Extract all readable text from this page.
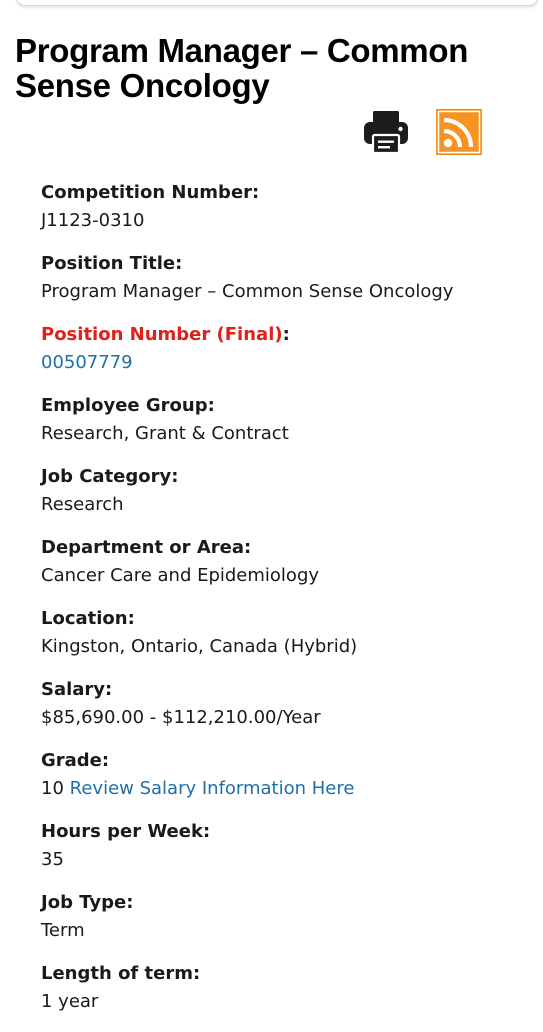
Program Manager – Common Sense Oncology
Competition Number:
J1123-0310
Position Title:
Program Manager – Common Sense Oncology
Position Number (Final):
00507779
Employee Group:
Research, Grant & Contract
Job Category:
Research
Department or Area:
Cancer Care and Epidemiology
Location:
Kingston, Ontario, Canada (Hybrid)
Salary:
$85,690.00 - $112,210.00/Year
Grade:
10 Review Salary Information Here
Hours per Week:
35
Job Type:
Term
Length of term:
1 year
